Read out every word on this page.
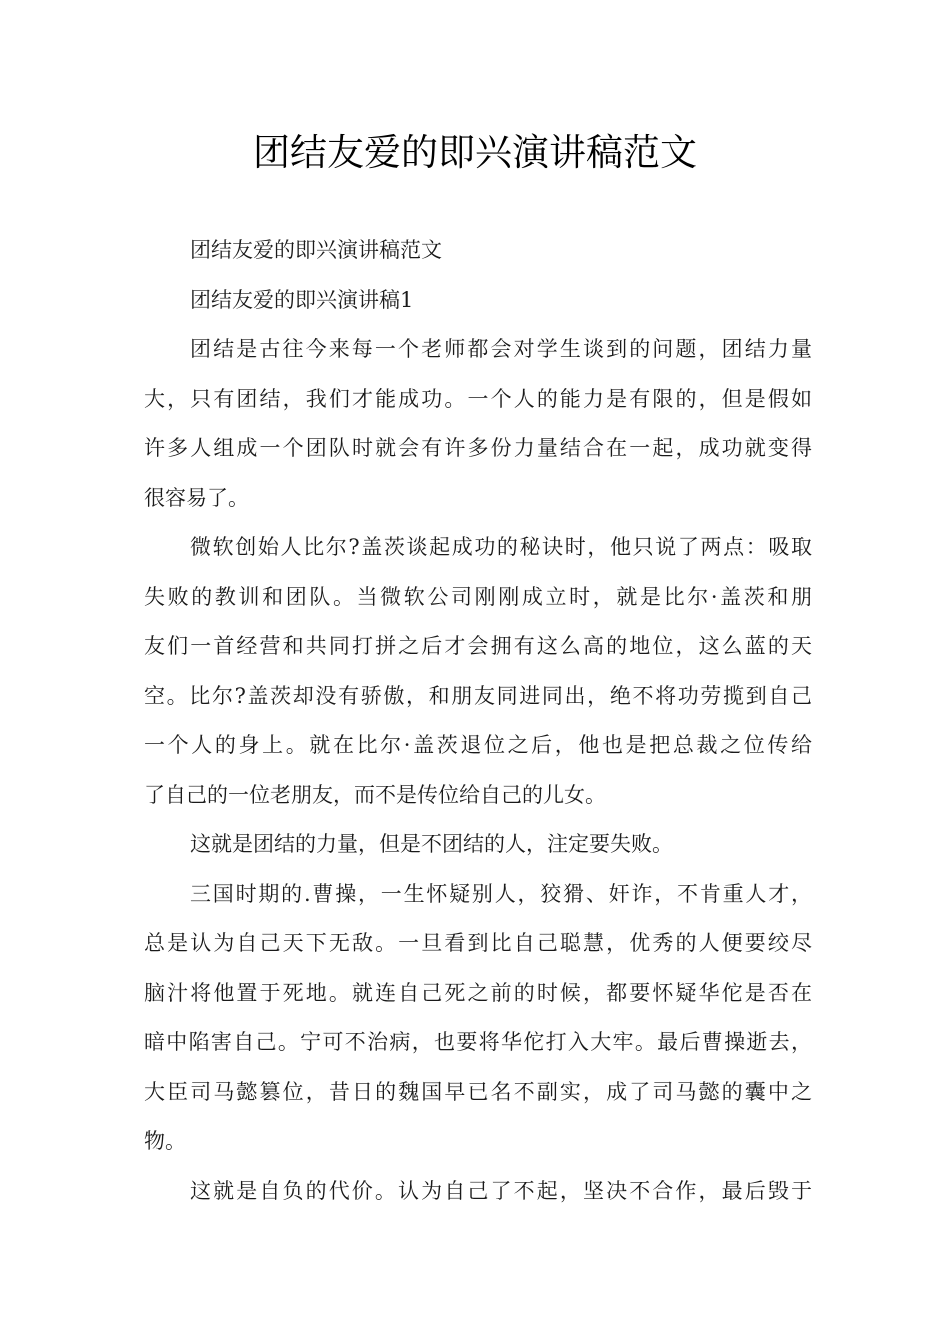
团结友爱的即兴演讲稿范文
团结友爱的即兴演讲稿范文
团结友爱的即兴演讲稿1
团结是古往今来每一个老师都会对学生谈到的问题，团结力量
大，只有团结，我们才能成功。一个人的能力是有限的，但是假如
许多人组成一个团队时就会有许多份力量结合在一起，成功就变得
很容易了。
微软创始人比尔?盖茨谈起成功的秘诀时，他只说了两点：吸取
失败的教训和团队。当微软公司刚刚成立时，就是比尔·盖茨和朋
友们一首经营和共同打拼之后才会拥有这么高的地位，这么蓝的天
空。比尔?盖茨却没有骄傲，和朋友同进同出，绝不将功劳揽到自己
一个人的身上。就在比尔·盖茨退位之后，他也是把总裁之位传给
了自己的一位老朋友，而不是传位给自己的儿女。
这就是团结的力量，但是不团结的人，注定要失败。
三国时期的.曹操，一生怀疑别人，狡猾、奸诈，不肯重人才，
总是认为自己天下无敌。一旦看到比自己聪慧，优秀的人便要绞尽
脑汁将他置于死地。就连自己死之前的时候，都要怀疑华佗是否在
暗中陷害自己。宁可不治病，也要将华佗打入大牢。最后曹操逝去，
大臣司马懿篡位，昔日的魏国早已名不副实，成了司马懿的囊中之
物。
这就是自负的代价。认为自己了不起，坚决不合作，最后毁于
